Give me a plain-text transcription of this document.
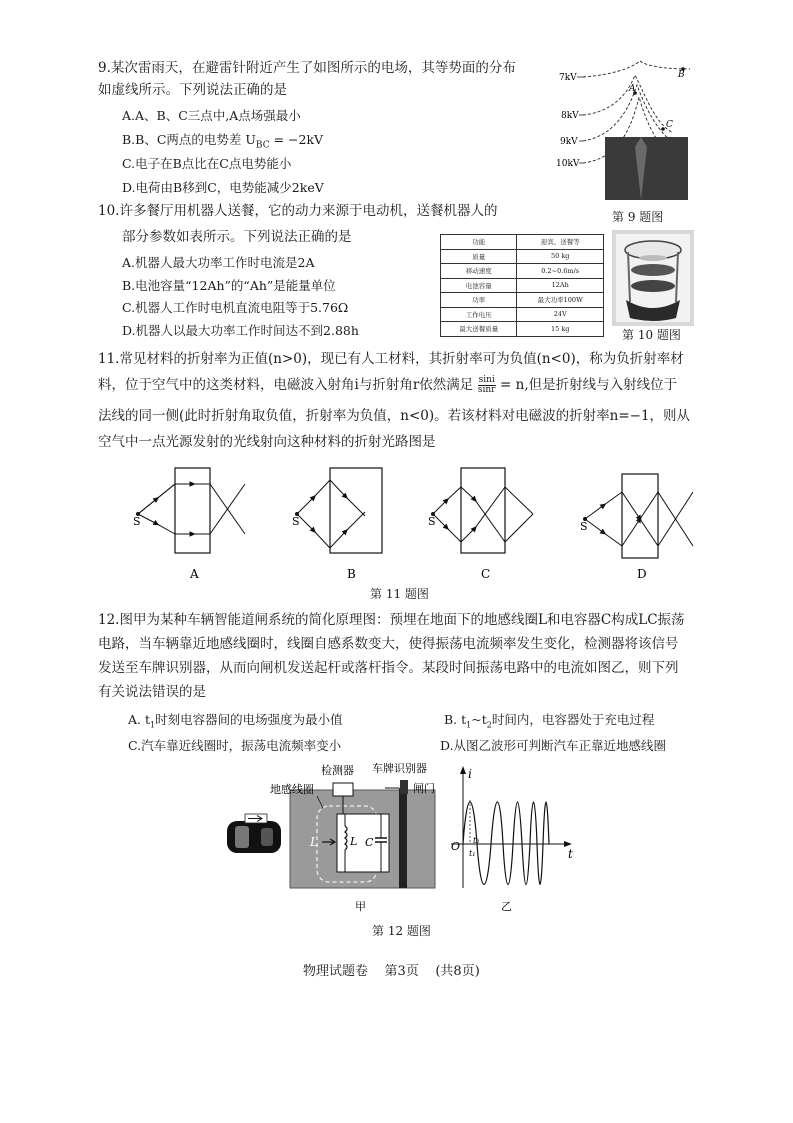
9.某次雷雨天，在避雷针附近产生了如图所示的电场，其等势面的分布
如虚线所示。下列说法正确的是
A.A、B、C三点中,A点场强最小
B.B、C两点的电势差 $U_{BC} = -2kV$
C.电子在B点比在C点电势能小
D.电荷由B移到C，电势能减少2keV
7kV
8kV
9kV
10kV
B
A
C
第 9 题图
10.许多餐厅用机器人送餐，它的动力来源于电动机，送餐机器人的
部分参数如表所示。下列说法正确的是
A.机器人最大功率工作时电流是2A
B.电池容量“12Ah”的“Ah”是能量单位
C.机器人工作时电机直流电阻等于5.76Ω
D.机器人以最大功率工作时间达不到2.88h
功能	迎宾、送餐等
质量	50 kg
移动速度	0.2~0.6m/s
电池容量	12Ah
功率	最大功率100W
工作电压	24V
最大送餐质量	15 kg	第 10 题图
11.常见材料的折射率为正值(n>0)，现已有人工材料，其折射率可为负值(n<0)，称为负折射率材
料，位于空气中的这类材料，电磁波入射角i与折射角r依然满足 $\frac{\sin i}{\sin r} = n$,但是折射线与入射线位于
法线的同一侧(此时折射角取负值，折射率为负值，n<0)。若该材料对电磁波的折射率n=−1，则从
空气中一点光源发射的光线射向这种材料的折射光路图是
S
A
S
B
S
C
S
D
第 11 题图
12.图甲为某种车辆智能道闸系统的简化原理图：预埋在地面下的地感线圈L和电容器C构成LC振荡
电路，当车辆靠近地感线圈时，线圈自感系数变大，使得振荡电流频率发生变化，检测器将该信号
发送至车牌识别器，从而向闸机发送起杆或落杆指令。某段时间振荡电路中的电流如图乙，则下列
有关说法错误的是
A. $t_1$时刻电容器间的电场强度为最小值	B. $t_1\sim t_2$时间内，电容器处于充电过程
C.汽车靠近线圈时，振荡电流频率变小	D.从图乙波形可判断汽车正靠近地感线圈
L C
L
检测器
地感线圈
车牌识别器
闸门
甲
i
t
O t₂
t₁
乙
第 12 题图
物理试题卷 第3页 (共8页)
